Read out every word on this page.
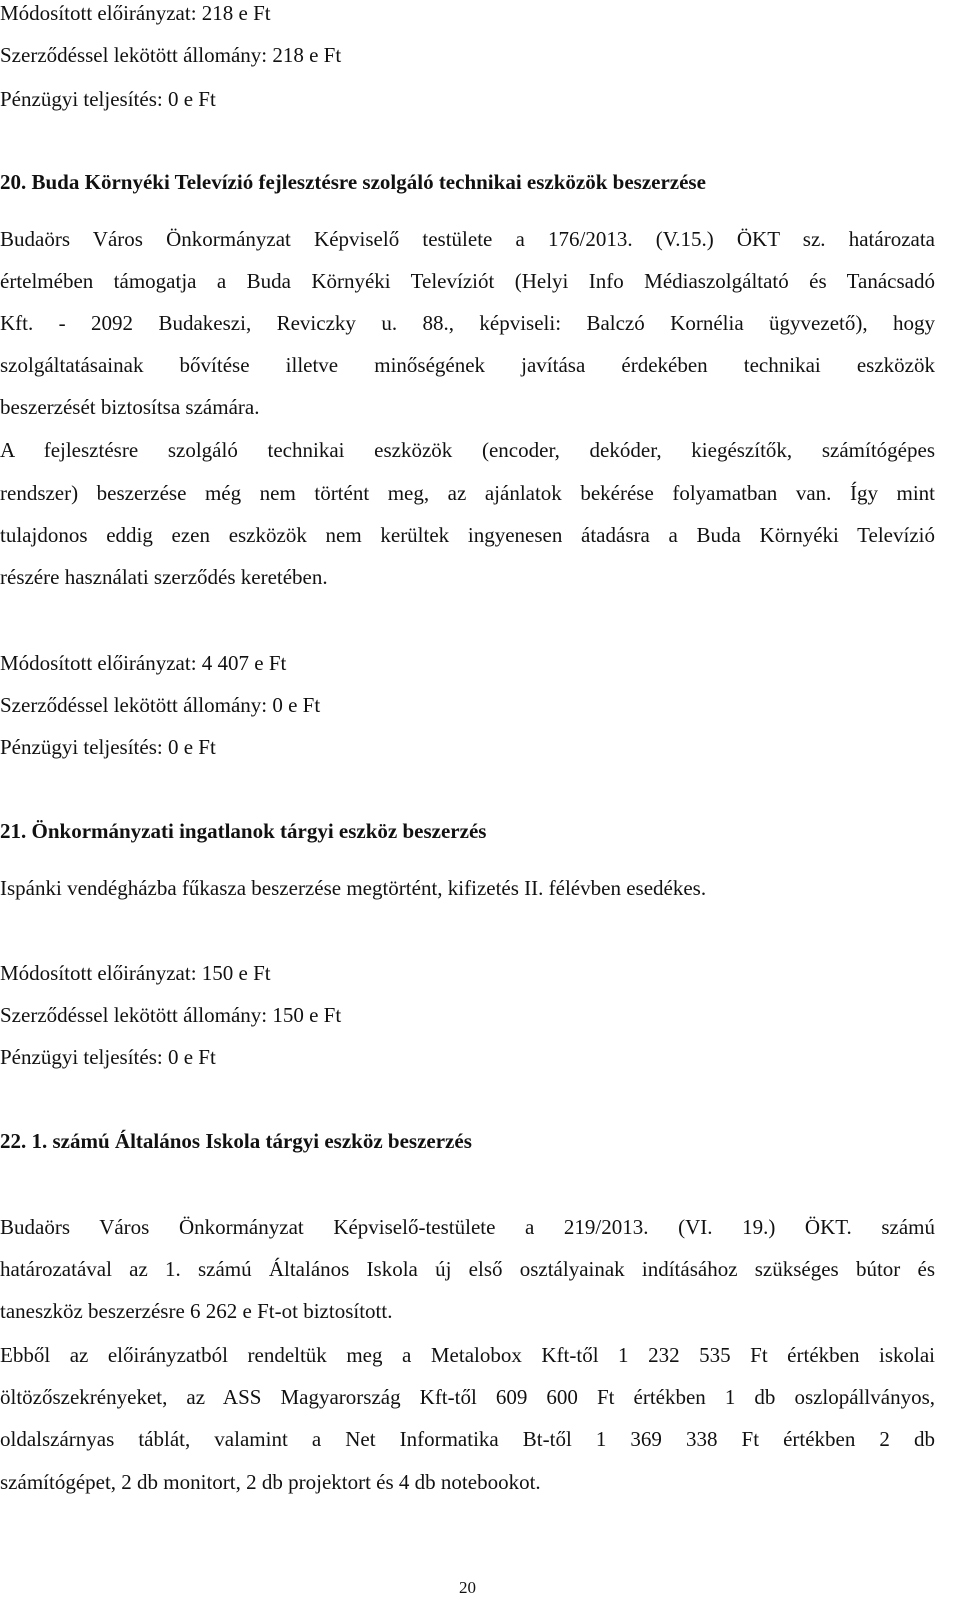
Módosított előirányzat: 218 e Ft

Szerződéssel lekötött állomány: 218 e Ft

Pénzügyi teljesítés: 0 e Ft

20. Buda Környéki Televízió fejlesztésre szolgáló technikai eszközök beszerzése

Budaörs Város Önkormányzat Képviselő testülete a 176/2013. (V.15.) ÖKT sz. határozata

értelmében támogatja a Buda Környéki Televíziót (Helyi Info Médiaszolgáltató és Tanácsadó

Kft. - 2092 Budakeszi, Reviczky u. 88., képviseli: Balczó Kornélia ügyvezető), hogy

szolgáltatásainak bővítése illetve minőségének javítása érdekében technikai eszközök

beszerzését biztosítsa számára.

A fejlesztésre szolgáló technikai eszközök (encoder, dekóder, kiegészítők, számítógépes

rendszer) beszerzése még nem történt meg, az ajánlatok bekérése folyamatban van. Így mint

tulajdonos eddig ezen eszközök nem kerültek ingyenesen átadásra a Buda Környéki Televízió

részére használati szerződés keretében.

Módosított előirányzat: 4 407 e Ft

Szerződéssel lekötött állomány: 0 e Ft

Pénzügyi teljesítés: 0 e Ft

21. Önkormányzati ingatlanok tárgyi eszköz beszerzés

Ispánki vendégházba fűkasza beszerzése megtörtént, kifizetés II. félévben esedékes.

Módosított előirányzat: 150 e Ft

Szerződéssel lekötött állomány: 150 e Ft

Pénzügyi teljesítés: 0 e Ft

22. 1. számú Általános Iskola tárgyi eszköz beszerzés

Budaörs Város Önkormányzat Képviselő-testülete a 219/2013. (VI. 19.) ÖKT. számú

határozatával az 1. számú Általános Iskola új első osztályainak indításához szükséges bútor és

taneszköz beszerzésre 6 262 e Ft-ot biztosított.

Ebből az előirányzatból rendeltük meg a Metalobox Kft-től 1 232 535 Ft értékben iskolai

öltözőszekrényeket, az ASS Magyarország Kft-től 609 600 Ft értékben 1 db oszlopállványos,

oldalszárnyas táblát, valamint a Net Informatika Bt-től 1 369 338 Ft értékben 2 db

számítógépet, 2 db monitort, 2 db projektort és 4 db notebookot.

20
